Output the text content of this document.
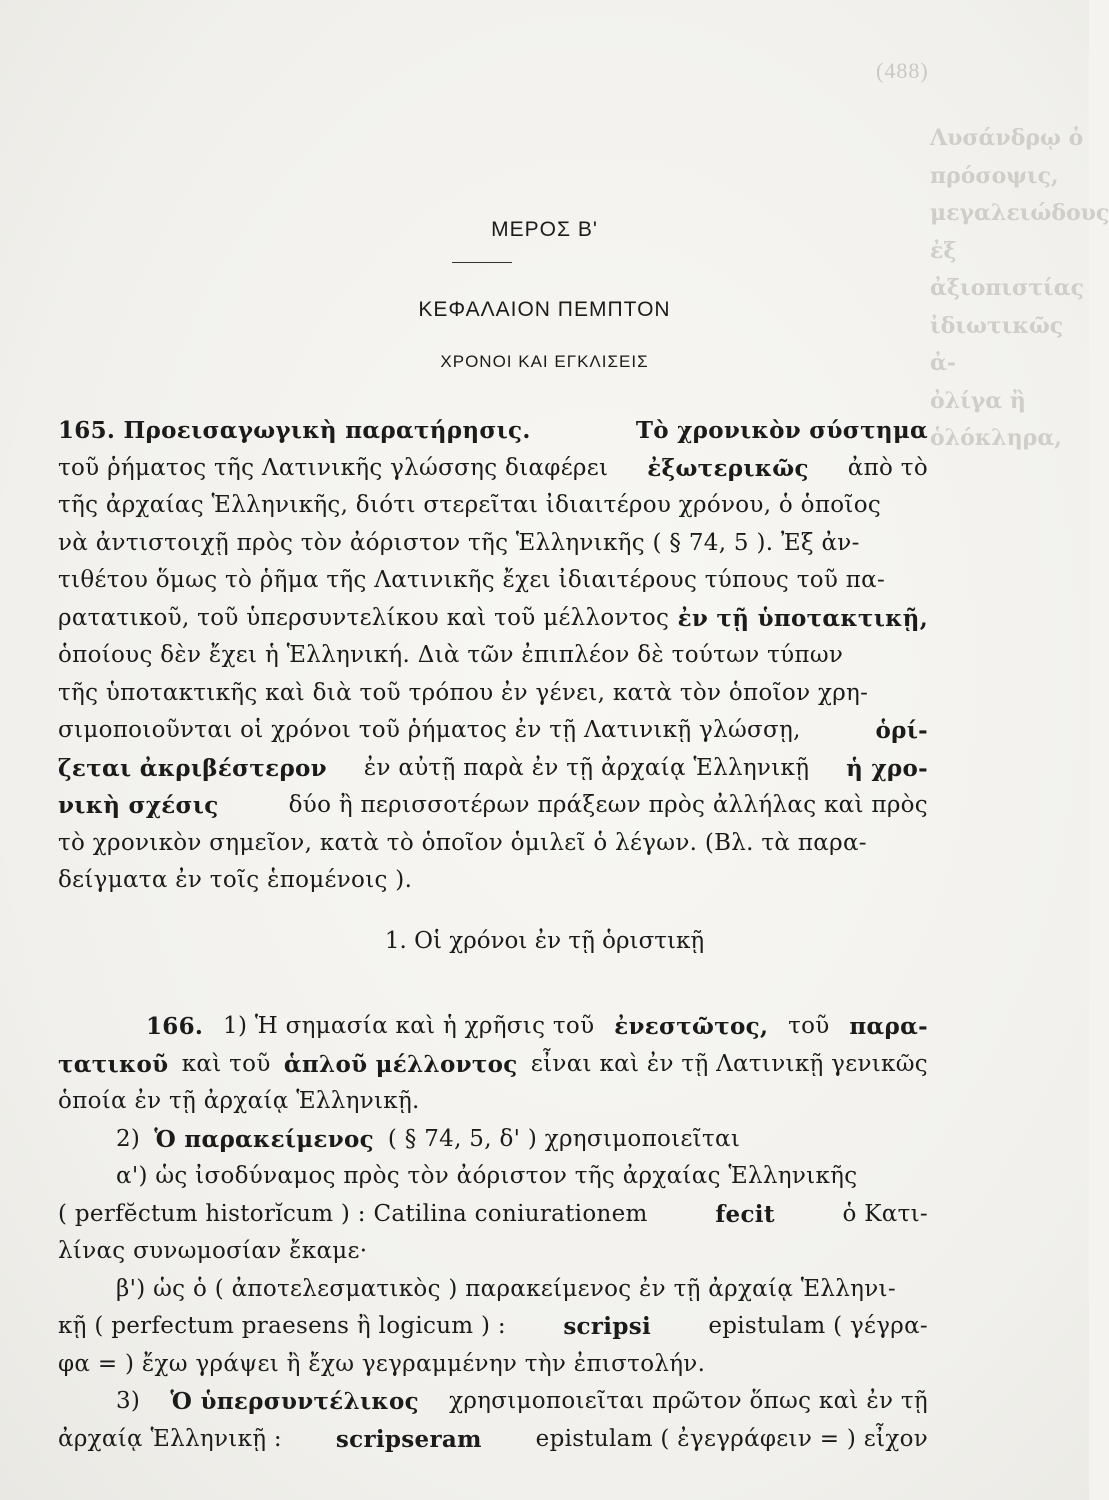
(488)
Λυσάνδρῳ ὁ
πρόσοψις,
μεγαλειώδους
ἐξ ἀξιοπιστίας
ἰδιωτικῶς ἀ-
ὀλίγα ἢ
ὁλόκληρα,
ΜΕΡΟΣ Β'
ΚΕΦΑΛΑΙΟΝ ΠΕΜΠΤΟΝ
ΧΡΟΝΟΙ ΚΑΙ ΕΓΚΛΙΣΕΙΣ
165. Προεισαγωγικὴ παρατήρησις.	Τὸ χρονικὸν σύστημα
τοῦ ῥήματος τῆς Λατινικῆς γλώσσης διαφέρει ἐξωτερικῶς ἀπὸ τὸ
τῆς ἀρχαίας Ἑλληνικῆς, διότι στερεῖται ἰδιαιτέρου χρόνου, ὁ ὁποῖος
νὰ ἀντιστοιχῇ πρὸς τὸν ἀόριστον τῆς Ἑλληνικῆς ( § 74, 5 ). Ἐξ ἀν-
τιθέτου ὅμως τὸ ῥῆμα τῆς Λατινικῆς ἔχει ἰδιαιτέρους τύπους τοῦ πα-
ρατατικοῦ, τοῦ ὑπερσυντελίκου καὶ τοῦ μέλλοντος ἐν τῇ ὑποτακτικῇ,
ὁποίους δὲν ἔχει ἡ Ἑλληνική. Διὰ τῶν ἐπιπλέον δὲ τούτων τύπων
τῆς ὑποτακτικῆς καὶ διὰ τοῦ τρόπου ἐν γένει, κατὰ τὸν ὁποῖον χρη-
σιμοποιοῦνται οἱ χρόνοι τοῦ ῥήματος ἐν τῇ Λατινικῇ γλώσσῃ,	ὁρί-
ζεται ἀκριβέστερον ἐν αὐτῇ παρὰ ἐν τῇ ἀρχαίᾳ Ἑλληνικῇ ἡ χρο-
νικὴ σχέσις	δύο ἢ περισσοτέρων πράξεων πρὸς ἀλλήλας καὶ πρὸς
τὸ χρονικὸν σημεῖον, κατὰ τὸ ὁποῖον ὁμιλεῖ ὁ λέγων. (Βλ. τὰ παρα-
δείγματα ἐν τοῖς ἑπομένοις ).
1. Οἱ χρόνοι ἐν τῇ ὁριστικῇ
166. 1) Ἡ σημασία καὶ ἡ χρῆσις τοῦ ἐνεστῶτος, τοῦ παρα-
τατικοῦ καὶ τοῦ ἁπλοῦ μέλλοντος εἶναι καὶ ἐν τῇ Λατινικῇ γενικῶς
ὁποία ἐν τῇ ἀρχαίᾳ Ἑλληνικῇ.
2) Ὁ παρακείμενος ( § 74, 5, δ' ) χρησιμοποιεῖται
α') ὡς ἰσοδύναμος πρὸς τὸν ἀόριστον τῆς ἀρχαίας Ἑλληνικῆς
( perfĕctum historĭcum ) : Catilina coniurationem	fecit	ὁ Κατι-
λίνας συνωμοσίαν ἔκαμε·
β') ὡς ὁ ( ἀποτελεσματικὸς ) παρακείμενος ἐν τῇ ἀρχαίᾳ Ἑλληνι-
κῇ ( perfectum praesens ἢ logicum ) : scripsi epistulam ( γέγρα-
φα = ) ἔχω γράψει ἢ ἔχω γεγραμμένην τὴν ἐπιστολήν.
3) Ὁ ὑπερσυντέλικος χρησιμοποιεῖται πρῶτον ὅπως καὶ ἐν τῇ
ἀρχαίᾳ Ἑλληνικῇ : scripseram epistulam ( ἐγεγράφειν = ) εἶχον
